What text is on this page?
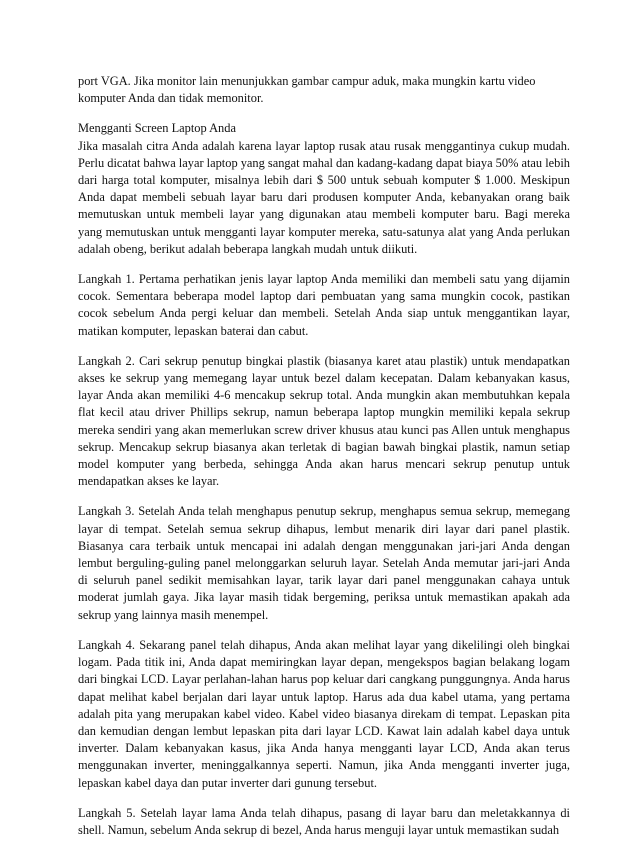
port VGA. Jika monitor lain menunjukkan gambar campur aduk, maka mungkin kartu video komputer Anda dan tidak memonitor.

Mengganti Screen Laptop Anda

Jika masalah citra Anda adalah karena layar laptop rusak atau rusak menggantinya cukup mudah. Perlu dicatat bahwa layar laptop yang sangat mahal dan kadang-kadang dapat biaya 50% atau lebih dari harga total komputer, misalnya lebih dari $ 500 untuk sebuah komputer $ 1.000. Meskipun Anda dapat membeli sebuah layar baru dari produsen komputer Anda, kebanyakan orang baik memutuskan untuk membeli layar yang digunakan atau membeli komputer baru. Bagi mereka yang memutuskan untuk mengganti layar komputer mereka, satu-satunya alat yang Anda perlukan adalah obeng, berikut adalah beberapa langkah mudah untuk diikuti.

Langkah 1. Pertama perhatikan jenis layar laptop Anda memiliki dan membeli satu yang dijamin cocok. Sementara beberapa model laptop dari pembuatan yang sama mungkin cocok, pastikan cocok sebelum Anda pergi keluar dan membeli. Setelah Anda siap untuk menggantikan layar, matikan komputer, lepaskan baterai dan cabut.

Langkah 2. Cari sekrup penutup bingkai plastik (biasanya karet atau plastik) untuk mendapatkan akses ke sekrup yang memegang layar untuk bezel dalam kecepatan. Dalam kebanyakan kasus, layar Anda akan memiliki 4-6 mencakup sekrup total. Anda mungkin akan membutuhkan kepala flat kecil atau driver Phillips sekrup, namun beberapa laptop mungkin memiliki kepala sekrup mereka sendiri yang akan memerlukan screw driver khusus atau kunci pas Allen untuk menghapus sekrup. Mencakup sekrup biasanya akan terletak di bagian bawah bingkai plastik, namun setiap model komputer yang berbeda, sehingga Anda akan harus mencari sekrup penutup untuk mendapatkan akses ke layar.

Langkah 3. Setelah Anda telah menghapus penutup sekrup, menghapus semua sekrup, memegang layar di tempat. Setelah semua sekrup dihapus, lembut menarik diri layar dari panel plastik. Biasanya cara terbaik untuk mencapai ini adalah dengan menggunakan jari-jari Anda dengan lembut berguling-guling panel melonggarkan seluruh layar. Setelah Anda memutar jari-jari Anda di seluruh panel sedikit memisahkan layar, tarik layar dari panel menggunakan cahaya untuk moderat jumlah gaya. Jika layar masih tidak bergeming, periksa untuk memastikan apakah ada sekrup yang lainnya masih menempel.

Langkah 4. Sekarang panel telah dihapus, Anda akan melihat layar yang dikelilingi oleh bingkai logam. Pada titik ini, Anda dapat memiringkan layar depan, mengekspos bagian belakang logam dari bingkai LCD. Layar perlahan-lahan harus pop keluar dari cangkang punggungnya. Anda harus dapat melihat kabel berjalan dari layar untuk laptop. Harus ada dua kabel utama, yang pertama adalah pita yang merupakan kabel video. Kabel video biasanya direkam di tempat. Lepaskan pita dan kemudian dengan lembut lepaskan pita dari layar LCD. Kawat lain adalah kabel daya untuk inverter. Dalam kebanyakan kasus, jika Anda hanya mengganti layar LCD, Anda akan terus menggunakan inverter, meninggalkannya seperti. Namun, jika Anda mengganti inverter juga, lepaskan kabel daya dan putar inverter dari gunung tersebut.

Langkah 5. Setelah layar lama Anda telah dihapus, pasang di layar baru dan meletakkannya di shell. Namun, sebelum Anda sekrup di bezel, Anda harus menguji layar untuk memastikan sudah
